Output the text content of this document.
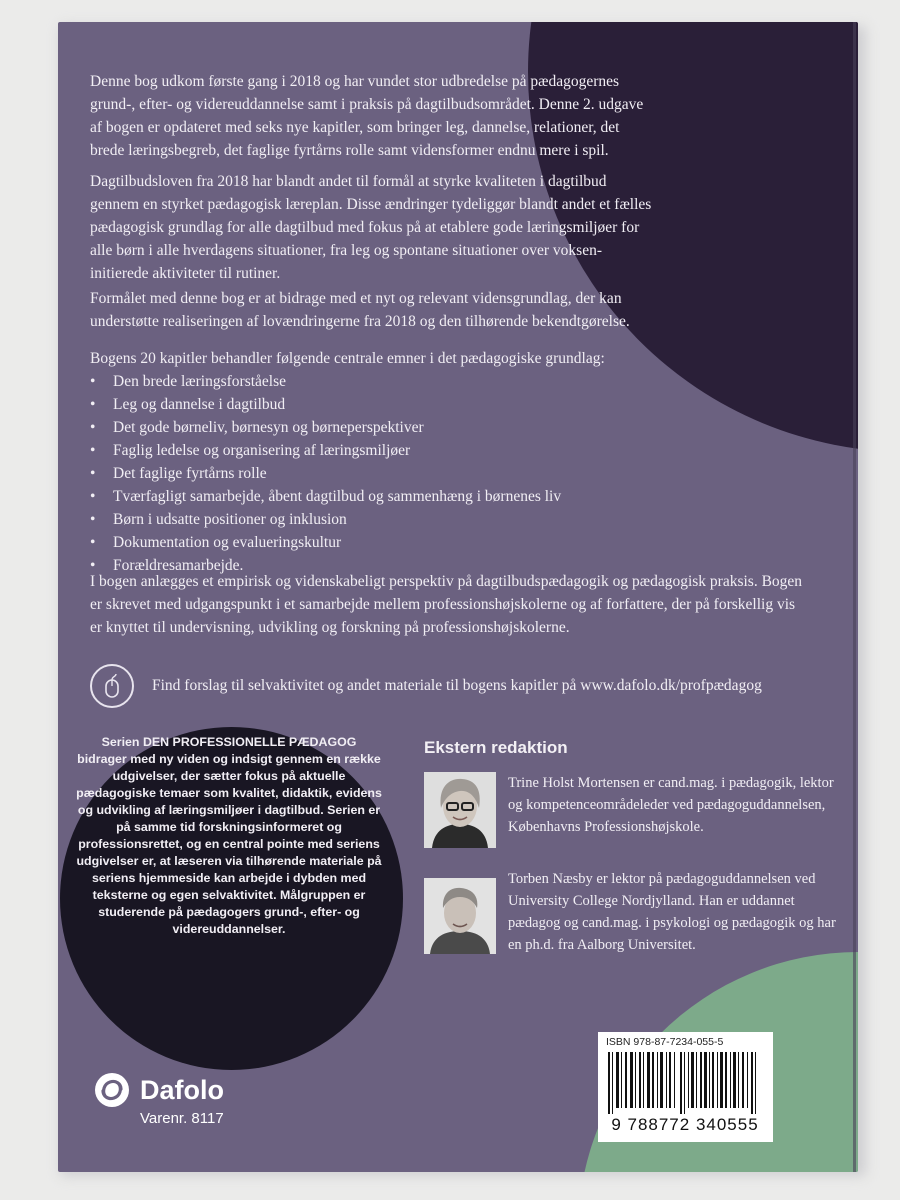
Denne bog udkom første gang i 2018 og har vundet stor udbredelse på pædagogernes grund-, efter- og videreuddannelse samt i praksis på dagtilbudsområdet. Denne 2. udgave af bogen er opdateret med seks nye kapitler, som bringer leg, dannelse, relationer, det brede læringsbegreb, det faglige fyrtårns rolle samt vidensformer endnu mere i spil.

Dagtilbudsloven fra 2018 har blandt andet til formål at styrke kvaliteten i dagtilbud gennem en styrket pædagogisk læreplan. Disse ændringer tydeliggør blandt andet et fælles pædagogisk grundlag for alle dagtilbud med fokus på at etablere gode læringsmiljøer for alle børn i alle hverdagens situationer, fra leg og spontane situationer over vokseninitierede aktiviteter til rutiner.

Formålet med denne bog er at bidrage med et nyt og relevant vidensgrundlag, der kan understøtte realiseringen af lovændringerne fra 2018 og den tilhørende bekendtgørelse.

Bogens 20 kapitler behandler følgende centrale emner i det pædagogiske grundlag:
• Den brede læringsforståelse
• Leg og dannelse i dagtilbud
• Det gode børneliv, børnesyn og børneperspektiver
• Faglig ledelse og organisering af læringsmiljøer
• Det faglige fyrtårns rolle
• Tværfagligt samarbejde, åbent dagtilbud og sammenhæng i børnenes liv
• Børn i udsatte positioner og inklusion
• Dokumentation og evalueringskultur
• Forældresamarbejde.

I bogen anlægges et empirisk og videnskabeligt perspektiv på dagtilbudspædagogik og pædagogisk praksis. Bogen er skrevet med udgangspunkt i et samarbejde mellem professionshøjskolerne og af forfattere, der på forskellig vis er knyttet til undervisning, udvikling og forskning på professionshøjskolerne.

Find forslag til selvaktivitet og andet materiale til bogens kapitler på www.dafolo.dk/profpædagog

Serien DEN PROFESSIONELLE PÆDAGOG bidrager med ny viden og indsigt gennem en række udgivelser, der sætter fokus på aktuelle pædagogiske temaer som kvalitet, didaktik, evidens og udvikling af læringsmiljøer i dagtilbud. Serien er på samme tid forskningsinformeret og professionsrettet, og en central pointe med seriens udgivelser er, at læseren via tilhørende materiale på seriens hjemmeside kan arbejde i dybden med teksterne og egen selvaktivitet. Målgruppen er studerende på pædagogers grund-, efter- og videreuddannelser.

Ekstern redaktion

Trine Holst Mortensen er cand.mag. i pædagogik, lektor og kompetenceområdeleder ved pædagoguddannelsen, Københavns Professionshøjskole.

Torben Næsby er lektor på pædagoguddannelsen ved University College Nordjylland. Han er uddannet pædagog og cand.mag. i psykologi og pædagogik og har en ph.d. fra Aalborg Universitet.

ISBN 978-87-7234-055-5
9 788772 340555
Dafolo
Varenr. 8117
